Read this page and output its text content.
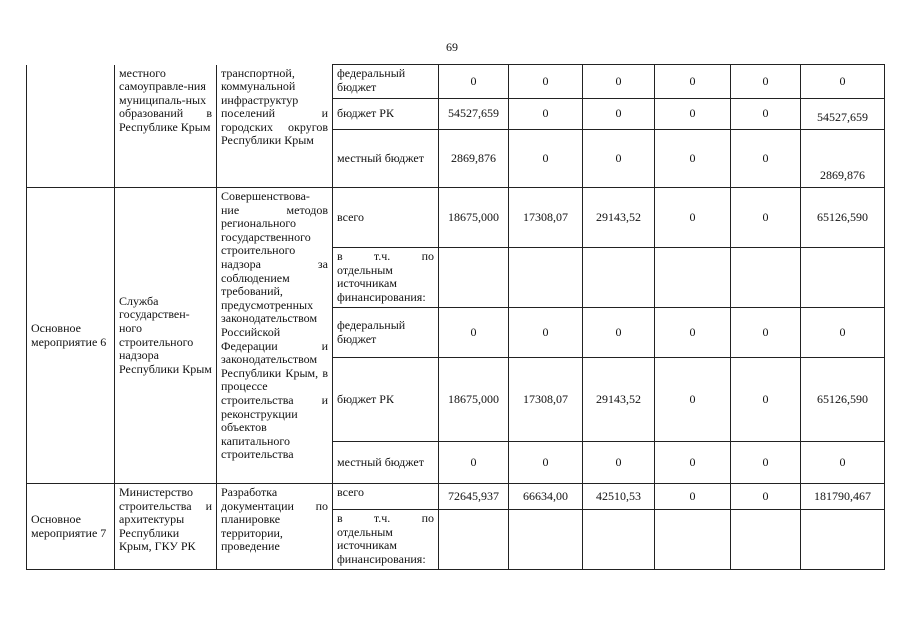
69
	местного самоуправле-ния муниципаль-ных образований в Республике Крым	транспортной, коммунальной инфраструктур поселений и городских округов Республики Крым	федеральный бюджет	0	0	0	0	0	0
			бюджет РК	54527,659	0	0	0	0	54527,659
			местный бюджет	2869,876	0	0	0	0	2869,876
Основное мероприятие 6	Служба государствен-ного строительного надзора Республики Крым	Совершенствова-ние методов регионального государственного строительного надзора за соблюдением требований, предусмотренных законодательством Российской Федерации и законодательством Республики Крым, в процессе строительства и реконструкции объектов капитального строительства	всего	18675,000	17308,07	29143,52	0	0	65126,590
			в т.ч. по отдельным источникам финансирования:						
			федеральный бюджет	0	0	0	0	0	0
			бюджет РК	18675,000	17308,07	29143,52	0	0	65126,590
			местный бюджет	0	0	0	0	0	0
Основное мероприятие 7	Министерство строительства и архитектуры Республики Крым, ГКУ РК	Разработка документации по планировке территории, проведение	всего	72645,937	66634,00	42510,53	0	0	181790,467
			в т.ч. по отдельным источникам финансирования:						
